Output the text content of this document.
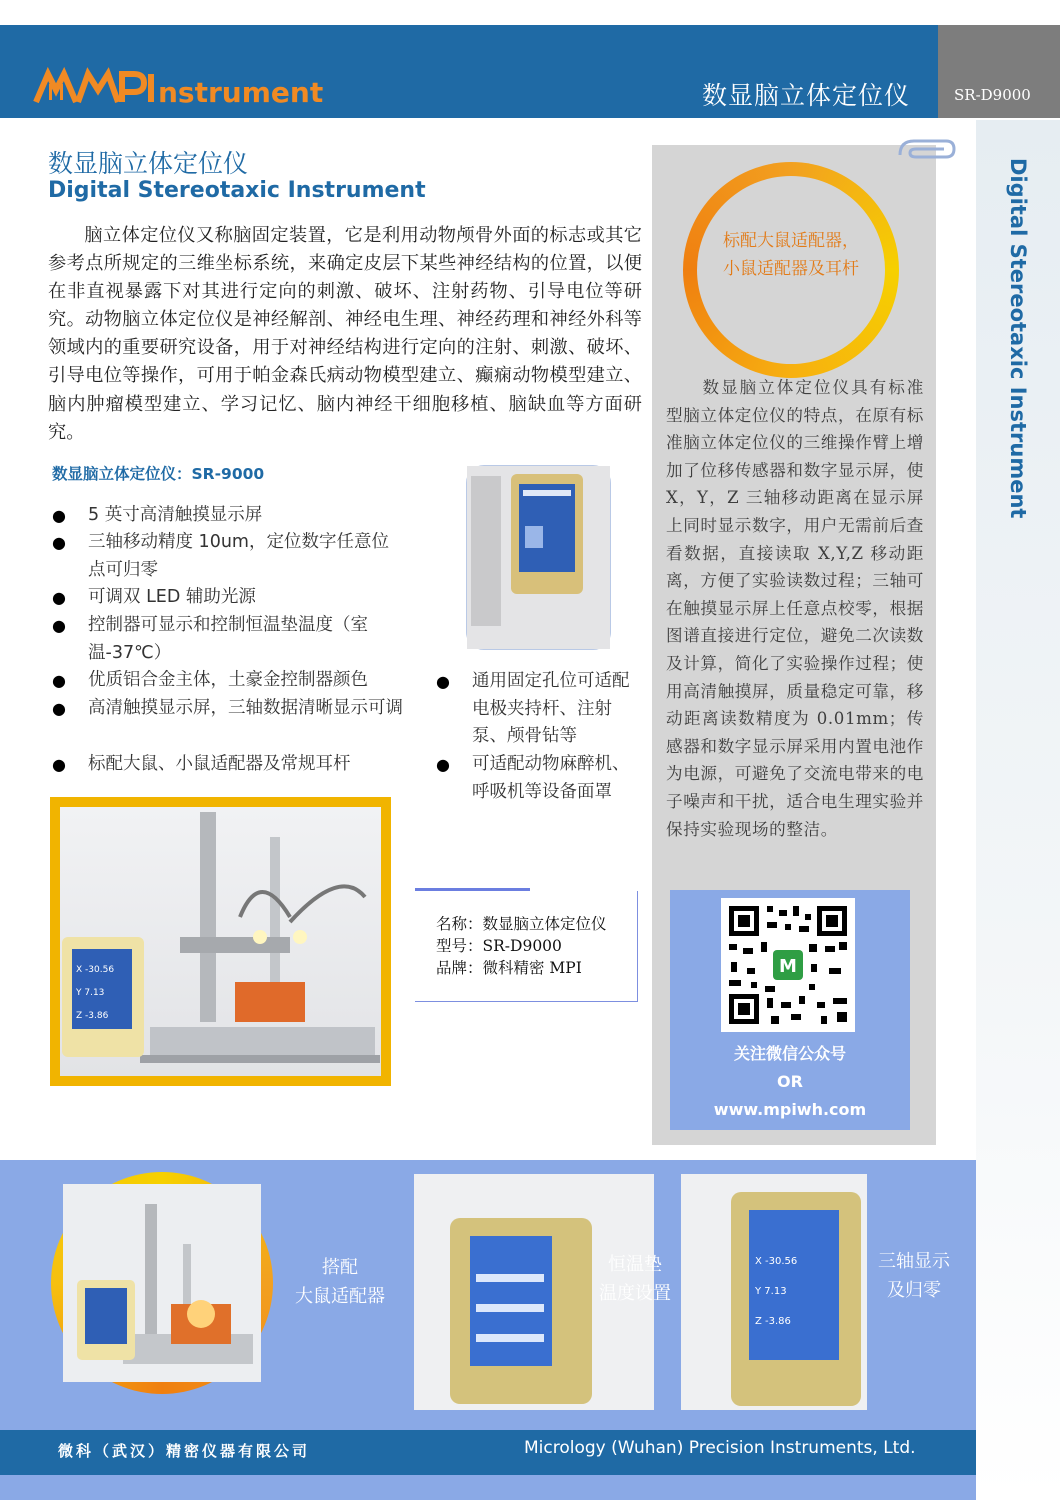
nstrument	数显脑立体定位仪	SR-D9000
Digital Stereotaxic Instrument
数显脑立体定位仪
Digital Stereotaxic Instrument
脑立体定位仪又称脑固定装置，它是利用动物颅骨外面的标志或其它参考点所规定的三维坐标系统，来确定皮层下某些神经结构的位置，以便在非直视暴露下对其进行定向的刺激、破坏、注射药物、引导电位等研究。动物脑立体定位仪是神经解剖、神经电生理、神经药理和神经外科等领域内的重要研究设备，用于对神经结构进行定向的注射、刺激、破坏、引导电位等操作，可用于帕金森氏病动物模型建立、癫痫动物模型建立、脑内肿瘤模型建立、学习记忆、脑内神经干细胞移植、脑缺血等方面研究。
数显脑立体定位仪：SR-9000
● 5 英寸高清触摸显示屏
● 三轴移动精度 10um，定位数字任意位点可归零
● 可调双 LED 辅助光源
● 控制器可显示和控制恒温垫温度（室温-37℃）
● 优质铝合金主体，土豪金控制器颜色
● 高清触摸显示屏，三轴数据清晰显示可调
● 标配大鼠、小鼠适配器及常规耳杆
● 通用固定孔位可适配电极夹持杆、注射泵、颅骨钻等
● 可适配动物麻醉机、呼吸机等设备面罩
X -30.56
Y 7.13
Z -3.86
名称：数显脑立体定位仪
型号：SR-D9000
品牌：微科精密 MPI
标配大鼠适配器，小鼠适配器及耳杆
数显脑立体定位仪具有标准型脑立体定位仪的特点，在原有标准脑立体定位仪的三维操作臂上增加了位移传感器和数字显示屏，使 X，Y，Z 三轴移动距离在显示屏上同时显示数字，用户无需前后查看数据，直接读取 X,Y,Z 移动距离，方便了实验读数过程；三轴可在触摸显示屏上任意点校零，根据图谱直接进行定位，避免二次读数及计算，简化了实验操作过程；使用高清触摸屏，质量稳定可靠，移动距离读数精度为 0.01mm；传感器和数字显示屏采用内置电池作为电源，可避免了交流电带来的电子噪声和干扰，适合电生理实验并保持实验现场的整洁。
M
关注微信公众号
OR
www.mpiwh.com
搭配
大鼠适配器
恒温垫
温度设置
X -30.56
Y 7.13
Z -3.86
三轴显示
及归零
微科（武汉）精密仪器有限公司	Micrology (Wuhan) Precision Instruments, Ltd.
